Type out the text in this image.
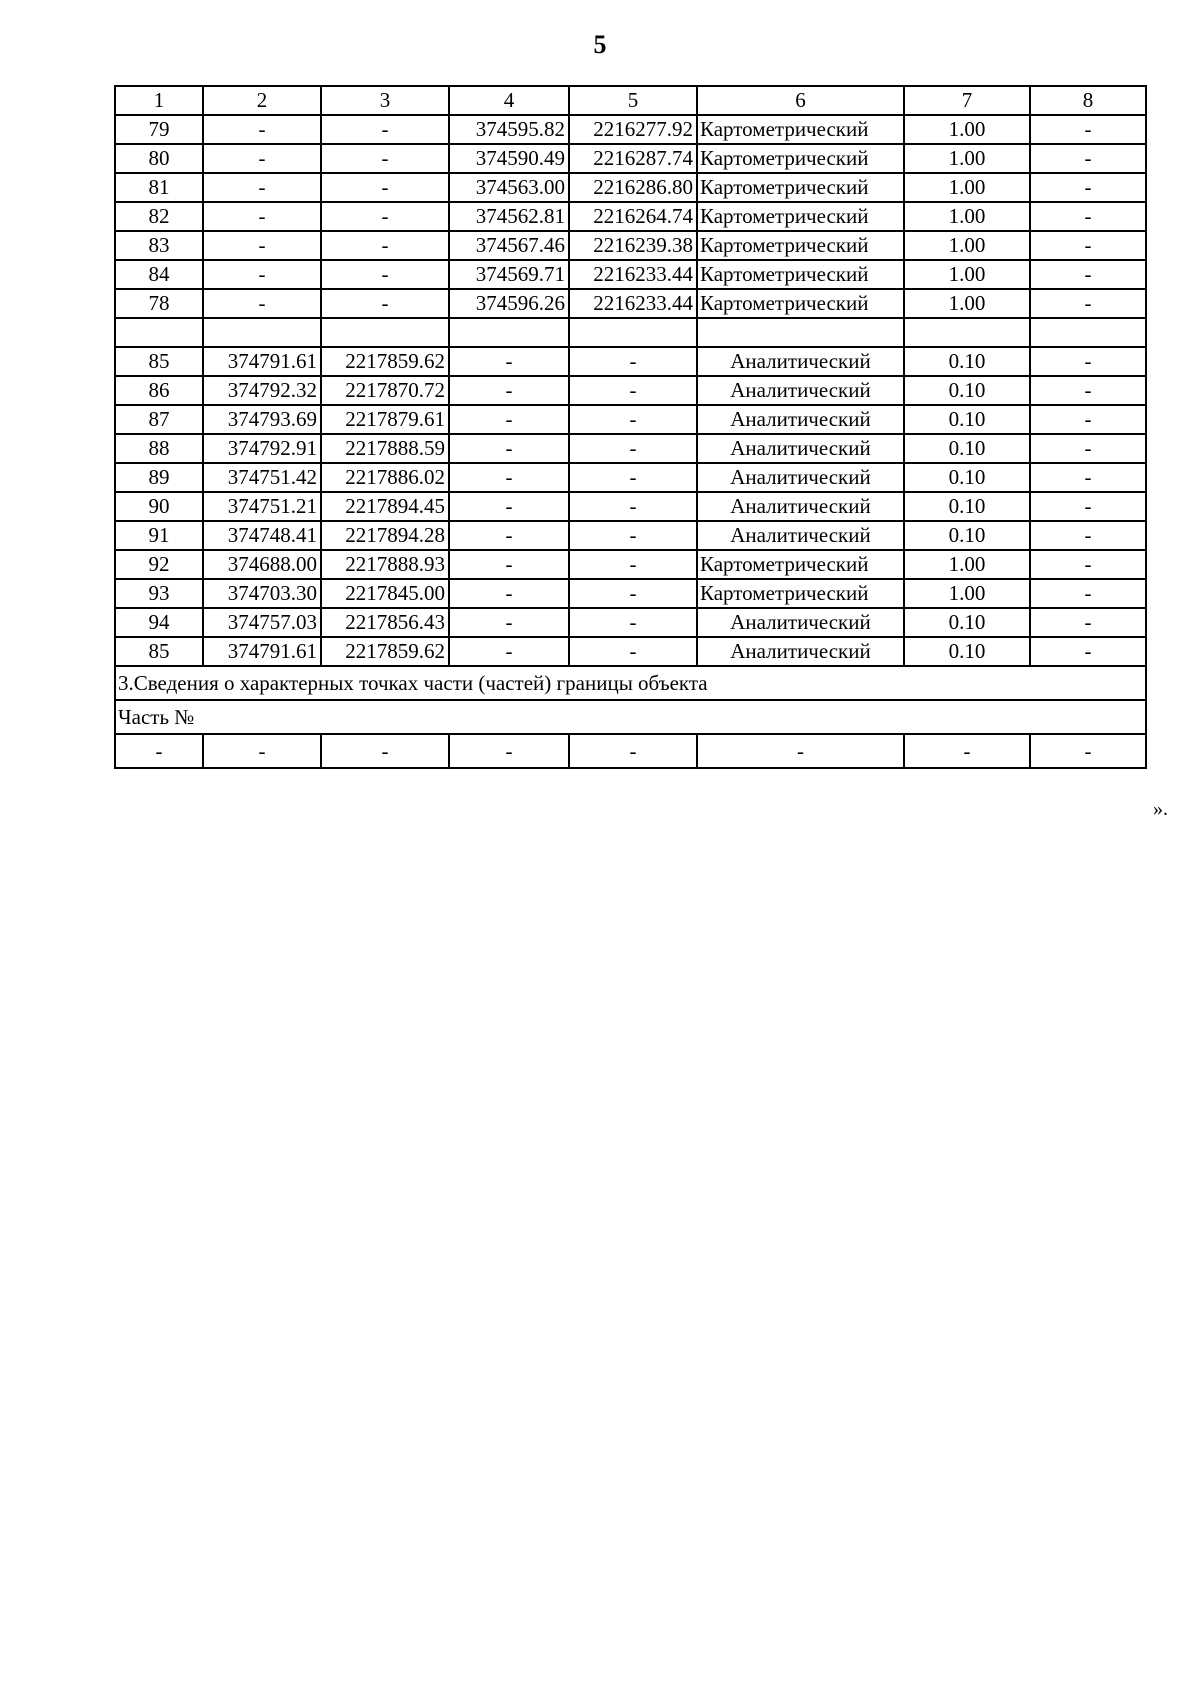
5
1	2	3	4	5	6	7	8
79	-	-	374595.82	2216277.92	Картометрический	1.00	-
80	-	-	374590.49	2216287.74	Картометрический	1.00	-
81	-	-	374563.00	2216286.80	Картометрический	1.00	-
82	-	-	374562.81	2216264.74	Картометрический	1.00	-
83	-	-	374567.46	2216239.38	Картометрический	1.00	-
84	-	-	374569.71	2216233.44	Картометрический	1.00	-
78	-	-	374596.26	2216233.44	Картометрический	1.00	-

85	374791.61	2217859.62	-	-	Аналитический	0.10	-
86	374792.32	2217870.72	-	-	Аналитический	0.10	-
87	374793.69	2217879.61	-	-	Аналитический	0.10	-
88	374792.91	2217888.59	-	-	Аналитический	0.10	-
89	374751.42	2217886.02	-	-	Аналитический	0.10	-
90	374751.21	2217894.45	-	-	Аналитический	0.10	-
91	374748.41	2217894.28	-	-	Аналитический	0.10	-
92	374688.00	2217888.93	-	-	Картометрический	1.00	-
93	374703.30	2217845.00	-	-	Картометрический	1.00	-
94	374757.03	2217856.43	-	-	Аналитический	0.10	-
85	374791.61	2217859.62	-	-	Аналитический	0.10	-
3.Сведения о характерных точках части (частей) границы объекта							
Часть №							
-	-	-	-	-	-	-	-
».
